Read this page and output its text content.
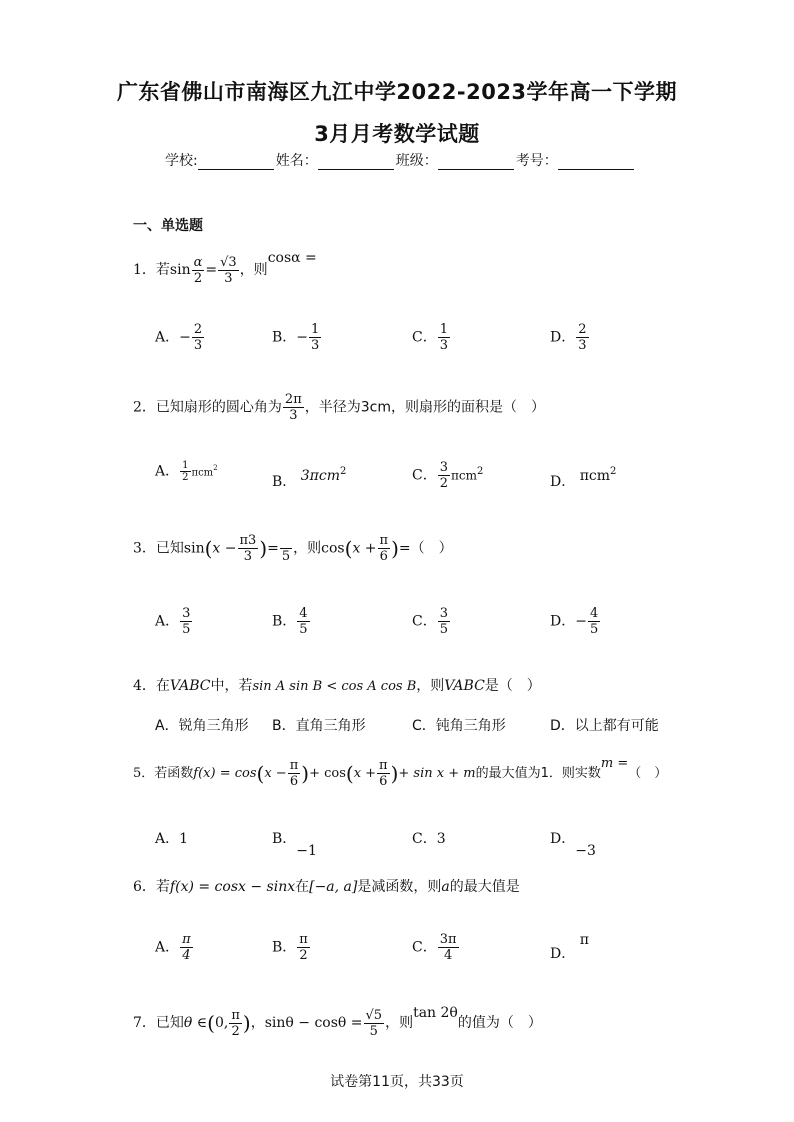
广东省佛山市南海区九江中学2022-2023学年高一下学期
3月月考数学试题
学校:	姓名：	班级：	考号：
一、单选题
1．若$\sin \frac{\alpha}{2} = \frac{√3}{3}$ ，则cosα =
A．− $\frac{2}{3}$	B．− $\frac{1}{3}$	C． $\frac{1}{3}$	D． $\frac{2}{3}$
2．已知扇形的圆心角为 $\frac{2\pi}{3}$ ，半径为3cm，则扇形的面积是（　）
A． $\frac{1}{2} \pi cm^2$
B． 3πcm$^2$	C． $\frac{3}{2} \pi cm^2$
D． πcm$^2$
3．已知$\sin(x - \frac{\pi 3}{3}$ )=
5 ，则$\cos(x + \frac{\pi}{6}$ )=（　）
A． $\frac{3}{5}$	B． $\frac{4}{5}$	C． $\frac{3}{5}$	D．− $\frac{4}{5}$
4．在VABC中，若sin A sin B < cos A cos B，则VABC是（　）
A．锐角三角形 B．直角三角形	C．钝角三角形	D．以上都有可能
5．若函数$f(x) = \cos(x - \frac{\pi}{6}$ )+ $\cos(x + \frac{\pi}{6}$ )+ sin x + m的最大值为1．则实数m =（　）
A．1	B．−1
C．3	D．−3
6．若f(x) = cosx − sinx在[−a, a]是减函数，则a的最大值是
A． $\frac{\pi}{4}$	B． $\frac{\pi}{2}$	C． $\frac{3\pi}{4}$	D． π
7．已知θ ∈(0, $\frac{\pi}{2}$ )，$\sin\theta - \cos\theta = \frac{√5}{5}$ ，则tan 2θ的值为（　）
试卷第11页，共33页
